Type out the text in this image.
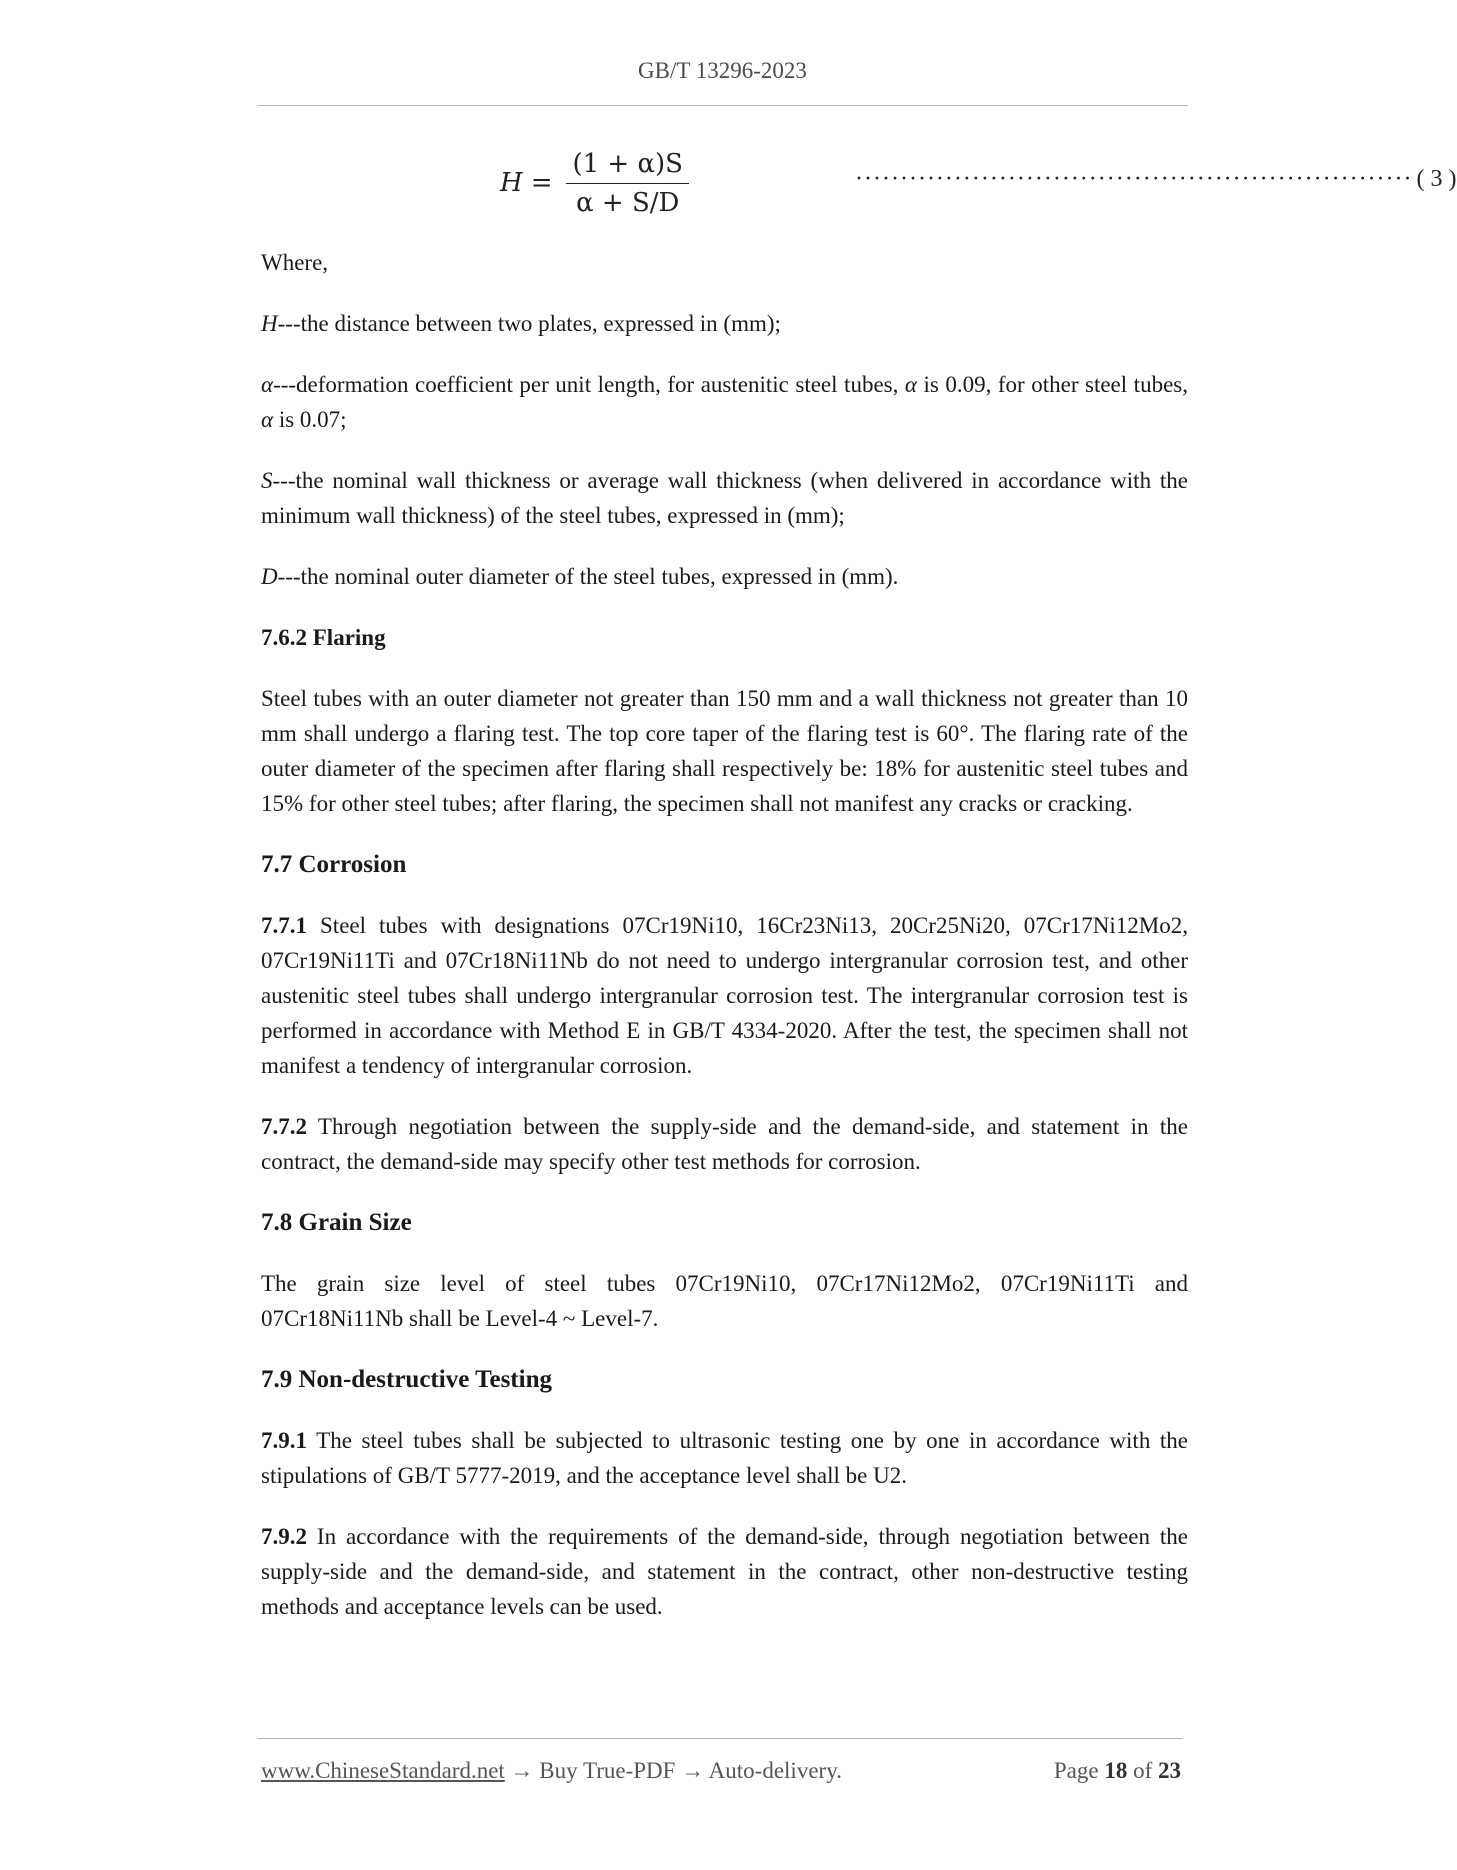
GB/T 13296-2023
$H = \frac{(1 + \alpha)S}{\alpha + S/D}$	······························································ ( 3 )

Where,

H---the distance between two plates, expressed in (mm);

α---deformation coefficient per unit length, for austenitic steel tubes, α is 0.09, for other steel tubes, α is 0.07;

S---the nominal wall thickness or average wall thickness (when delivered in accordance with the minimum wall thickness) of the steel tubes, expressed in (mm);

D---the nominal outer diameter of the steel tubes, expressed in (mm).

7.6.2 Flaring

Steel tubes with an outer diameter not greater than 150 mm and a wall thickness not greater than 10 mm shall undergo a flaring test. The top core taper of the flaring test is 60°. The flaring rate of the outer diameter of the specimen after flaring shall respectively be: 18% for austenitic steel tubes and 15% for other steel tubes; after flaring, the specimen shall not manifest any cracks or cracking.

7.7 Corrosion

7.7.1 Steel tubes with designations 07Cr19Ni10, 16Cr23Ni13, 20Cr25Ni20, 07Cr17Ni12Mo2, 07Cr19Ni11Ti and 07Cr18Ni11Nb do not need to undergo intergranular corrosion test, and other austenitic steel tubes shall undergo intergranular corrosion test. The intergranular corrosion test is performed in accordance with Method E in GB/T 4334-2020. After the test, the specimen shall not manifest a tendency of intergranular corrosion.

7.7.2 Through negotiation between the supply-side and the demand-side, and statement in the contract, the demand-side may specify other test methods for corrosion.

7.8 Grain Size

The grain size level of steel tubes 07Cr19Ni10, 07Cr17Ni12Mo2, 07Cr19Ni11Ti and 07Cr18Ni11Nb shall be Level-4 ~ Level-7.

7.9 Non-destructive Testing

7.9.1 The steel tubes shall be subjected to ultrasonic testing one by one in accordance with the stipulations of GB/T 5777-2019, and the acceptance level shall be U2.

7.9.2 In accordance with the requirements of the demand-side, through negotiation between the supply-side and the demand-side, and statement in the contract, other non-destructive testing methods and acceptance levels can be used.

www.ChineseStandard.net → Buy True-PDF → Auto-delivery.	Page 18 of 23
